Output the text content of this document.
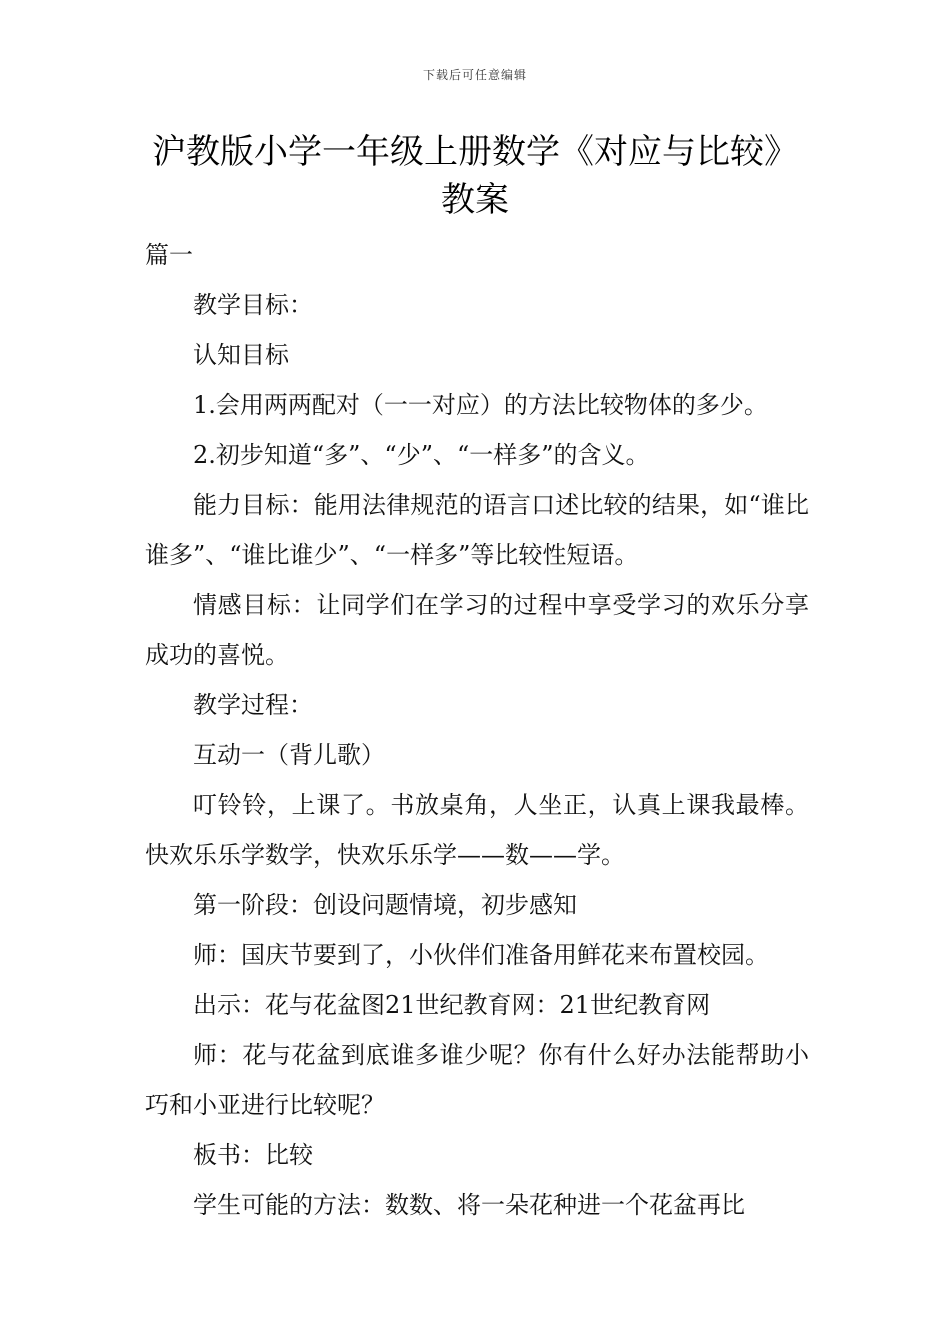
下载后可任意编辑
沪教版小学一年级上册数学《对应与比较》教案

篇一

教学目标：

认知目标

1.会用两两配对（一一对应）的方法比较物体的多少。

2.初步知道“多”、“少”、“一样多”的含义。

能力目标：能用法律规范的语言口述比较的结果，如“谁比谁多”、“谁比谁少”、“一样多”等比较性短语。

情感目标：让同学们在学习的过程中享受学习的欢乐分享成功的喜悦。

教学过程：

互动一（背儿歌）

叮铃铃，上课了。书放桌角，人坐正，认真上课我最棒。快欢乐乐学数学，快欢乐乐学——数——学。

第一阶段：创设问题情境，初步感知

师：国庆节要到了，小伙伴们准备用鲜花来布置校园。

出示：花与花盆图21世纪教育网：21世纪教育网

师：花与花盆到底谁多谁少呢？你有什么好办法能帮助小巧和小亚进行比较呢？

板书：比较

学生可能的方法：数数、将一朵花种进一个花盆再比
